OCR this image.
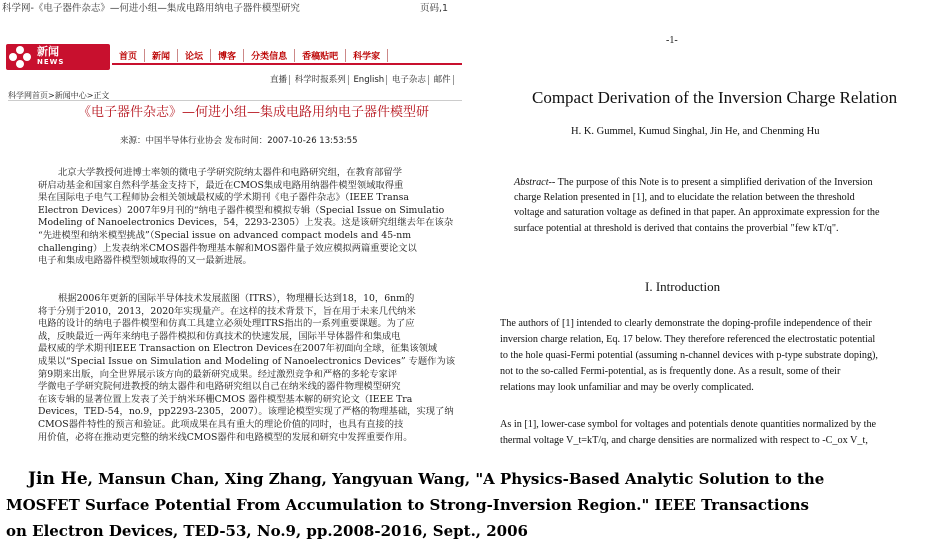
科学网-《电子器件杂志》—何进小组—集成电路用纳电子器件模型研究	页码,1
新闻
NEWS	首页	新闻	论坛	博客	分类信息	香稿贴吧	科学家
直播 科学时报系列 English 电子杂志 邮件
科学网首页>新闻中心>正文
《电子器件杂志》—何进小组—集成电路用纳电子器件模型研
来源：中国半导体行业协会 发布时间：2007-10-26 13:53:55
北京大学教授何进博士率领的微电子学研究院纳太器件和电路研究组，在教育部留学
研启动基金和国家自然科学基金支持下，最近在CMOS集成电路用纳器件模型领域取得重
果在国际电子电气工程师协会相关领域最权威的学术期刊《电子器件杂志》（IEEE Transa
Electron Devices）2007年9月刊的“纳电子器件模型和模拟专辑（Special Issue on Simulatio
Modeling of Nanoelectronics Devices，54，2293-2305）上发表。这是该研究组继去年在该杂
“先进模型和纳米模型挑战”（Special issue on advanced compact models and 45-nm
challenging）上发表纳米CMOS器件物理基本解和MOS器件量子效应模拟两篇重要论文以
电子和集成电路器件模型领域取得的又一最新进展。
根据2006年更新的国际半导体技术发展蓝图（ITRS），物理栅长达到18，10，6nm的
将于分别于2010，2013，2020年实现量产。在这样的技术背景下，旨在用于未来几代纳米
电路的设计的纳电子器件模型和仿真工具建立必须处理ITRS指出的一系列重要课题。为了应
战，反映最近一两年来纳电子器件模拟和仿真技术的快速发展，国际半导体器件和集成电
最权威的学术期刊IEEE Transaction on Electron Devices在2007年初面向全球，征集该领域
成果以“Special Issue on Simulation and Modeling of Nanoelectronics Devices” 专题作为该
第9期来出版，向全世界展示该方向的最新研究成果。经过激烈竞争和严格的多轮专家评
学微电子学研究院何进教授的纳太器件和电路研究组以自己在纳米线的器件物理模型研究
在该专辑的显著位置上发表了关于纳米环栅CMOS 器件模型基本解的研究论文（IEEE Tra
Devices，TED-54，no.9，pp2293-2305，2007）。该理论模型实现了严格的物理基础，实现了纳
CMOS器件特性的预言和验证。此项成果在具有重大的理论价值的同时，也具有直接的技
用价值，必将在推动更完整的纳米线CMOS器件和电路模型的发展和研究中发挥重要作用。
-1-
Compact Derivation of the Inversion Charge Relation
H. K. Gummel, Kumud Singhal, Jin He, and Chenming Hu
Abstract-- The purpose of this Note is to present a simplified derivation of the Inversion
charge Relation presented in [1], and to elucidate the relation between the threshold
voltage and saturation voltage as defined in that paper. An approximate expression for the
surface potential at threshold is derived that contains the proverbial "few kT/q".
I. Introduction
The authors of [1] intended to clearly demonstrate the doping-profile independence of their
inversion charge relation, Eq. 17 below. They therefore referenced the electrostatic potential
to the hole quasi-Fermi potential (assuming n-channel devices with p-type substrate doping),
not to the so-called Fermi-potential, as is frequently done. As a result, some of their
relations may look unfamiliar and may be overly complicated.
As in [1], lower-case symbol for voltages and potentials denote quantities normalized by the
thermal voltage V_t=kT/q, and charge densities are normalized with respect to -C_ox V_t,
Jin He, Mansun Chan, Xing Zhang, Yangyuan Wang, "A Physics-Based Analytic Solution to the
MOSFET Surface Potential From Accumulation to Strong-Inversion Region." IEEE Transactions
on Electron Devices, TED-53, No.9, pp.2008-2016, Sept., 2006
